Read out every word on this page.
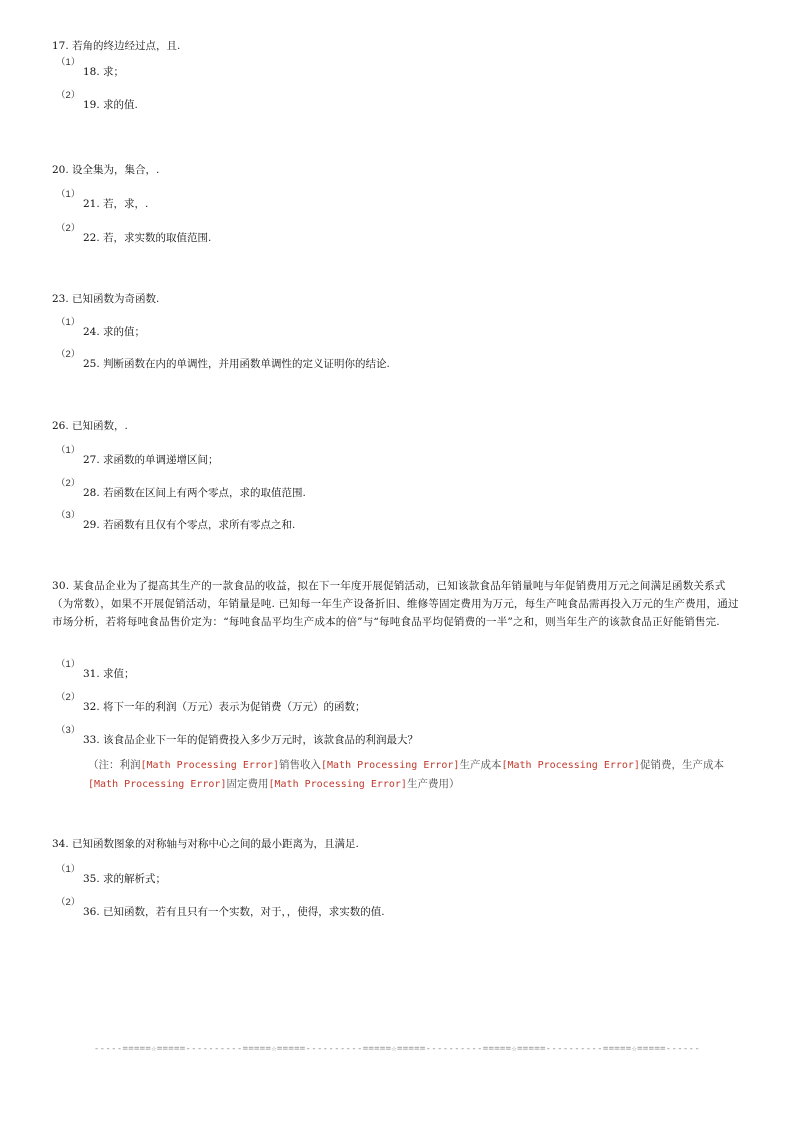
17. 若角的终边经过点，且.
（1）
18. 求；
（2）
19. 求的值.
20. 设全集为，集合，.
（1）
21. 若，求，.
（2）
22. 若，求实数的取值范围.
23. 已知函数为奇函数.
（1）
24. 求的值；
（2）
25. 判断函数在内的单调性，并用函数单调性的定义证明你的结论.
26. 已知函数，.
（1）
27. 求函数的单调递增区间；
（2）
28. 若函数在区间上有两个零点，求的取值范围.
（3）
29. 若函数有且仅有个零点，求所有零点之和.
30. 某食品企业为了提高其生产的一款食品的收益，拟在下一年度开展促销活动，已知该款食品年销量吨与年促销费用万元之间满足函数关系式（为常数），如果不开展促销活动，年销量是吨. 已知每一年生产设备折旧、维修等固定费用为万元，每生产吨食品需再投入万元的生产费用，通过市场分析，若将每吨食品售价定为：“每吨食品平均生产成本的倍”与“每吨食品平均促销费的一半”之和，则当年生产的该款食品正好能销售完.
（1）
31. 求值；
（2）
32. 将下一年的利润（万元）表示为促销费（万元）的函数；
（3）
33. 该食品企业下一年的促销费投入多少万元时，该款食品的利润最大？
（注：利润[Math Processing Error]销售收入[Math Processing Error]生产成本[Math Processing Error]促销费，生产成本[Math Processing Error]固定费用[Math Processing Error]生产费用）
34. 已知函数图象的对称轴与对称中心之间的最小距离为，且满足.
（1）
35. 求的解析式；
（2）
36. 已知函数，若有且只有一个实数，对于，，使得，求实数的值.
-----=====☆=====----------=====☆=====----------=====☆=====----------=====☆=====----------=====☆=====------
